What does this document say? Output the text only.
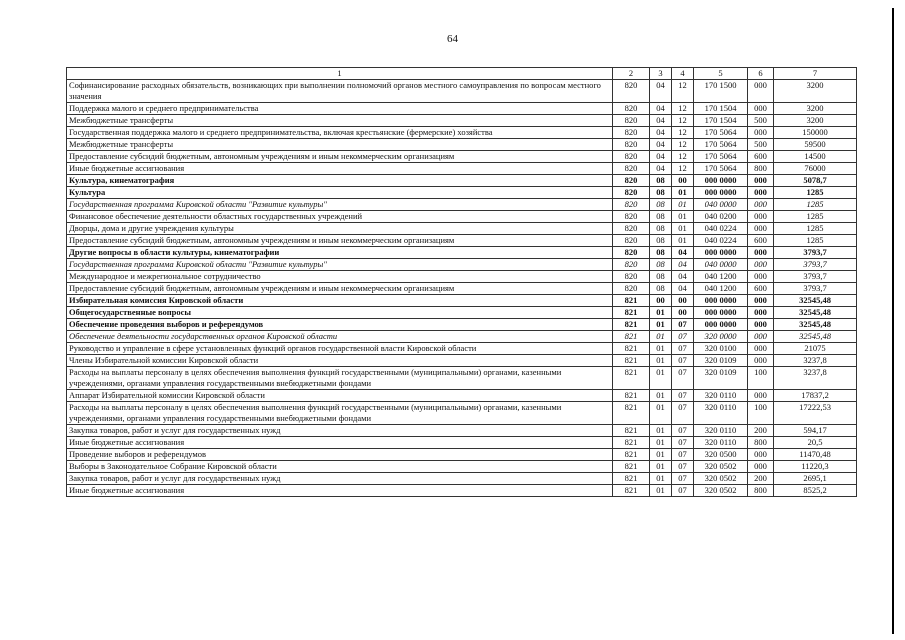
64
1	2	3	4	5	6	7
Софинансирование расходных обязательств, возникающих при выполнении полномочий органов местного самоуправления по вопросам местного значения	820	04	12	170 1500	000	3200
Поддержка малого и среднего предпринимательства	820	04	12	170 1504	000	3200
Межбюджетные трансферты	820	04	12	170 1504	500	3200
Государственная поддержка малого и среднего предпринимательства, включая крестьянские (фермерские) хозяйства	820	04	12	170 5064	000	150000
Межбюджетные трансферты	820	04	12	170 5064	500	59500
Предоставление субсидий бюджетным, автономным учреждениям и иным некоммерческим организациям	820	04	12	170 5064	600	14500
Иные бюджетные ассигнования	820	04	12	170 5064	800	76000
Культура, кинематография	820	08	00	000 0000	000	5078,7
Культура	820	08	01	000 0000	000	1285
Государственная программа Кировской области "Развитие культуры"	820	08	01	040 0000	000	1285
Финансовое обеспечение деятельности областных государственных учреждений	820	08	01	040 0200	000	1285
Дворцы, дома и другие учреждения культуры	820	08	01	040 0224	000	1285
Предоставление субсидий бюджетным, автономным учреждениям и иным некоммерческим организациям	820	08	01	040 0224	600	1285
Другие вопросы в области культуры, кинематографии	820	08	04	000 0000	000	3793,7
Государственная программа Кировской области "Развитие культуры"	820	08	04	040 0000	000	3793,7
Международное и межрегиональное сотрудничество	820	08	04	040 1200	000	3793,7
Предоставление субсидий бюджетным, автономным учреждениям и иным некоммерческим организациям	820	08	04	040 1200	600	3793,7
Избирательная комиссия Кировской области	821	00	00	000 0000	000	32545,48
Общегосударственные вопросы	821	01	00	000 0000	000	32545,48
Обеспечение проведения выборов и референдумов	821	01	07	000 0000	000	32545,48
Обеспечение деятельности государственных органов Кировской области	821	01	07	320 0000	000	32545,48
Руководство и управление в сфере установленных функций органов государственной власти Кировской области	821	01	07	320 0100	000	21075
Члены Избирательной комиссии Кировской области	821	01	07	320 0109	000	3237,8
Расходы на выплаты персоналу в целях обеспечения выполнения функций государственными (муниципальными) органами, казенными учреждениями, органами управления государственными внебюджетными фондами	821	01	07	320 0109	100	3237,8
Аппарат Избирательной комиссии Кировской области	821	01	07	320 0110	000	17837,2
Расходы на выплаты персоналу в целях обеспечения выполнения функций государственными (муниципальными) органами, казенными учреждениями, органами управления государственными внебюджетными фондами	821	01	07	320 0110	100	17222,53
Закупка товаров, работ и услуг для государственных нужд	821	01	07	320 0110	200	594,17
Иные бюджетные ассигнования	821	01	07	320 0110	800	20,5
Проведение выборов и референдумов	821	01	07	320 0500	000	11470,48
Выборы в Законодательное Собрание Кировской области	821	01	07	320 0502	000	11220,3
Закупка товаров, работ и услуг для государственных нужд	821	01	07	320 0502	200	2695,1
Иные бюджетные ассигнования	821	01	07	320 0502	800	8525,2
